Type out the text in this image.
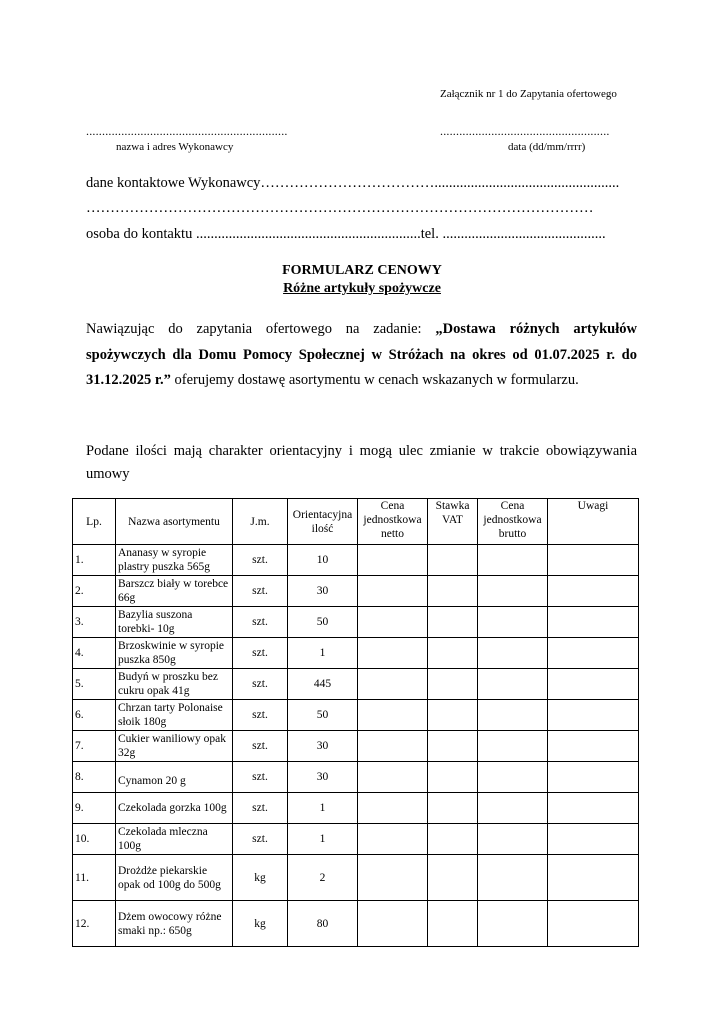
Załącznik nr 1 do Zapytania ofertowego
...............................................................	.....................................................
nazwa i adres Wykonawcy	data (dd/mm/rrrr)
dane kontaktowe Wykonawcy………………………………...................................................
……………………………………………………………………………………………
osoba do kontaktu ..............................................................tel. .............................................
FORMULARZ CENOWY
Różne artykuły spożywcze
Nawiązując do zapytania ofertowego na zadanie: „Dostawa różnych artykułów spożywczych dla Domu Pomocy Społecznej w Stróżach na okres od 01.07.2025 r. do 31.12.2025 r.” oferujemy dostawę asortymentu w cenach wskazanych w formularzu.
Podane ilości mają charakter orientacyjny i mogą ulec zmianie w trakcie obowiązywania umowy
Lp.	Nazwa asortymentu	J.m.	Orientacyjna ilość	Cena jednostkowa netto	Stawka VAT	Cena jednostkowa brutto	Uwagi
1.	Ananasy w syropie plastry puszka 565g	szt.	10				
2.	Barszcz biały w torebce 66g	szt.	30				
3.	Bazylia suszona torebki- 10g	szt.	50				
4.	Brzoskwinie w syropie puszka 850g	szt.	1				
5.	Budyń w proszku bez cukru opak 41g	szt.	445				
6.	Chrzan tarty Polonaise słoik 180g	szt.	50				
7.	Cukier waniliowy opak 32g	szt.	30				
8.	Cynamon 20 g	szt.	30				
9.	Czekolada gorzka 100g	szt.	1				
10.	Czekolada mleczna 100g	szt.	1				
11.	Drożdże piekarskie opak od 100g do 500g	kg	2				
12.	Dżem owocowy różne smaki np.: 650g	kg	80				
